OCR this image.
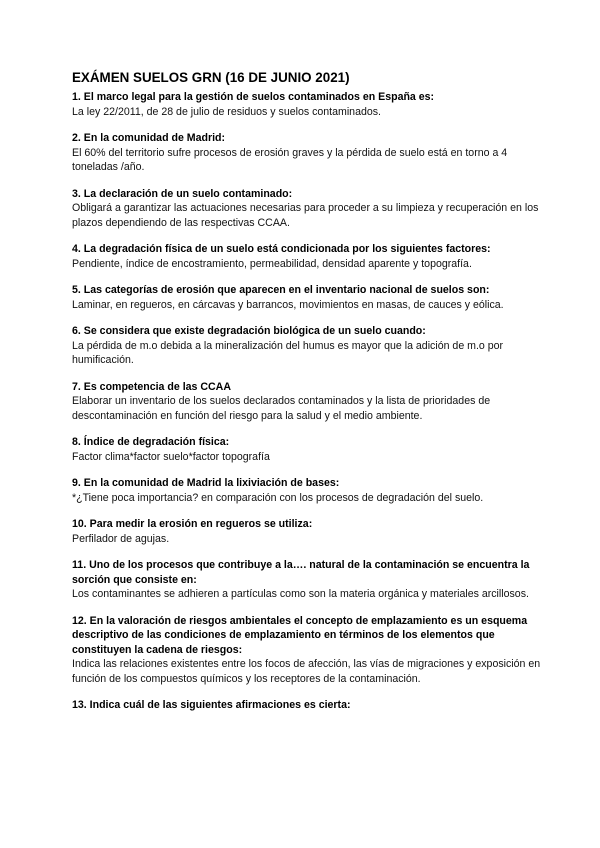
EXÁMEN SUELOS GRN (16 DE JUNIO 2021)

1. El marco legal para la gestión de suelos contaminados en España es:

La ley 22/2011, de 28 de julio de residuos y suelos contaminados.

2. En la comunidad de Madrid:

El 60% del territorio sufre procesos de erosión graves y la pérdida de suelo está en torno a 4 toneladas /año.

3. La declaración de un suelo contaminado:

Obligará a garantizar las actuaciones necesarias para proceder a su limpieza y recuperación en los plazos dependiendo de las respectivas CCAA.

4. La degradación física de un suelo está condicionada por los siguientes factores:

Pendiente, índice de encostramiento, permeabilidad, densidad aparente y topografía.

5. Las categorías de erosión que aparecen en el inventario nacional de suelos son:

Laminar, en regueros, en cárcavas y barrancos, movimientos en masas, de cauces y eólica.

6. Se considera que existe degradación biológica de un suelo cuando:

La pérdida de m.o debida a la mineralización del humus es mayor que la adición de m.o por humificación.

7. Es competencia de las CCAA

Elaborar un inventario de los suelos declarados contaminados y la lista de prioridades de descontaminación en función del riesgo para la salud y el medio ambiente.

8. Índice de degradación física:

Factor clima*factor suelo*factor topografía

9. En la comunidad de Madrid la lixiviación de bases:

*¿Tiene poca importancia? en comparación con los procesos de degradación del suelo.

10. Para medir la erosión en regueros se utiliza:

Perfilador de agujas.

11. Uno de los procesos que contribuye a la…. natural de la contaminación se encuentra la sorción que consiste en:

Los contaminantes se adhieren a partículas como son la materia orgánica y materiales arcillosos.

12. En la valoración de riesgos ambientales el concepto de emplazamiento es un esquema descriptivo de las condiciones de emplazamiento en términos de los elementos que constituyen la cadena de riesgos:

Indica las relaciones existentes entre los focos de afección, las vías de migraciones y exposición en función de los compuestos químicos y los receptores de la contaminación.

13. Indica cuál de las siguientes afirmaciones es cierta:
